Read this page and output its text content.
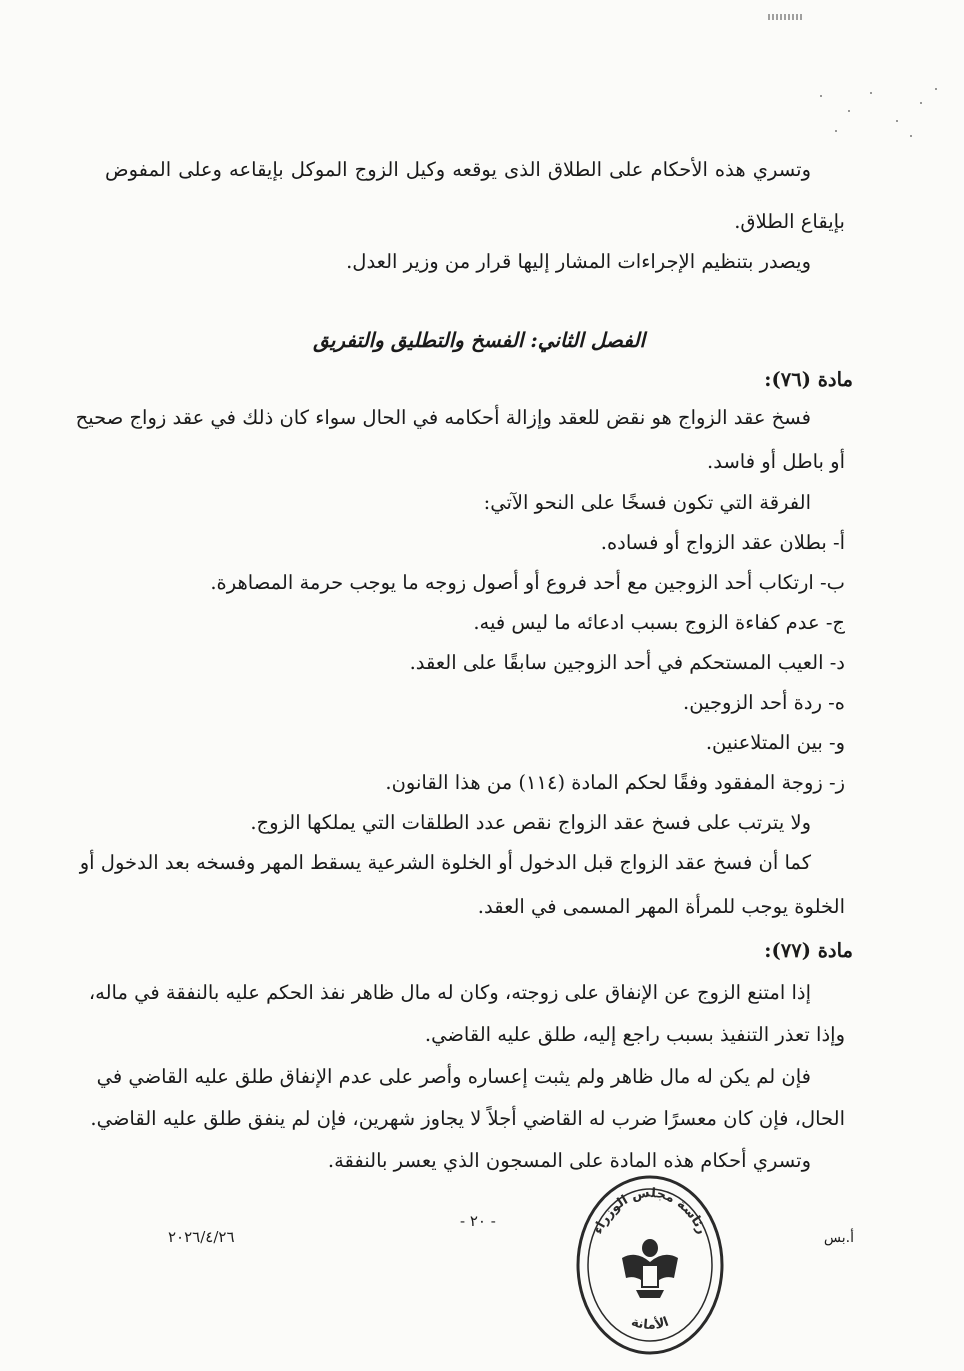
وتسري هذه الأحكام على الطلاق الذى يوقعه وكيل الزوج الموكل بإيقاعه وعلى المفوض
بإيقاع الطلاق.
ويصدر بتنظيم الإجراءات المشار إليها قرار من وزير العدل.
الفصل الثاني: الفسخ والتطليق والتفريق
مادة (٧٦):
فسخ عقد الزواج هو نقض للعقد وإزالة أحكامه في الحال سواء كان ذلك في عقد زواج صحيح
أو باطل أو فاسد.
الفرقة التي تكون فسخًا على النحو الآتي:
أ- بطلان عقد الزواج أو فساده.
ب- ارتكاب أحد الزوجين مع أحد فروع أو أصول زوجه ما يوجب حرمة المصاهرة.
ج- عدم كفاءة الزوج بسبب ادعائه ما ليس فيه.
د- العيب المستحكم في أحد الزوجين سابقًا على العقد.
ه- ردة أحد الزوجين.
و- بين المتلاعنين.
ز- زوجة المفقود وفقًا لحكم المادة (١١٤) من هذا القانون.
ولا يترتب على فسخ عقد الزواج نقص عدد الطلقات التي يملكها الزوج.
كما أن فسخ عقد الزواج قبل الدخول أو الخلوة الشرعية يسقط المهر وفسخه بعد الدخول أو
الخلوة يوجب للمرأة المهر المسمى في العقد.
مادة (٧٧):
إذا امتنع الزوج عن الإنفاق على زوجته، وكان له مال ظاهر نفذ الحكم عليه بالنفقة في ماله،
وإذا تعذر التنفيذ بسبب راجع إليه، طلق عليه القاضي.
فإن لم يكن له مال ظاهر ولم يثبت إعساره وأصر على عدم الإنفاق طلق عليه القاضي في
الحال، فإن كان معسرًا ضرب له القاضي أجلاً لا يجاوز شهرين، فإن لم ينفق طلق عليه القاضي.
وتسري أحكام هذه المادة على المسجون الذي يعسر بالنفقة.
- ٢٠ -
٢٠٢٦/٤/٢٦	أ.بس
رئاسة مجلس الوزراء
الأمانة
